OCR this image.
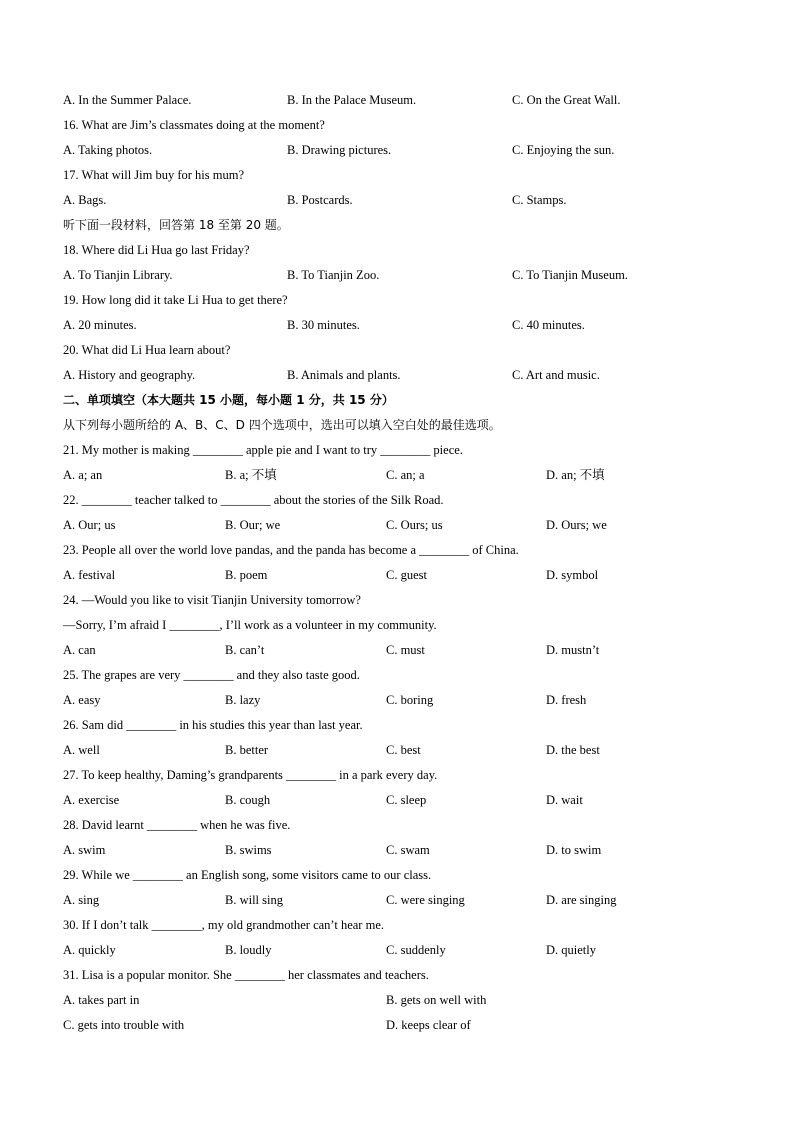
A. In the Summer Palace.	B. In the Palace Museum.	C. On the Great Wall.
16. What are Jim’s classmates doing at the moment?
A. Taking photos.	B. Drawing pictures.	C. Enjoying the sun.
17. What will Jim buy for his mum?
A. Bags.	B. Postcards.	C. Stamps.
听下面一段材料，回答第 18 至第 20 题。
18. Where did Li Hua go last Friday?
A. To Tianjin Library.	B. To Tianjin Zoo.	C. To Tianjin Museum.
19. How long did it take Li Hua to get there?
A. 20 minutes.	B. 30 minutes.	C. 40 minutes.
20. What did Li Hua learn about?
A. History and geography.	B. Animals and plants.	C. Art and music.
二、单项填空（本大题共 15 小题，每小题 1 分，共 15 分）
从下列每小题所给的 A、B、C、D 四个选项中，选出可以填入空白处的最佳选项。
21. My mother is making ________ apple pie and I want to try ________ piece.
A. a; an	B. a; 不填	C. an; a	D. an; 不填
22. ________ teacher talked to ________ about the stories of the Silk Road.
A. Our; us	B. Our; we	C. Ours; us	D. Ours; we
23. People all over the world love pandas, and the panda has become a ________ of China.
A. festival	B. poem	C. guest	D. symbol
24. —Would you like to visit Tianjin University tomorrow?
—Sorry, I’m afraid I ________, I’ll work as a volunteer in my community.
A. can	B. can’t	C. must	D. mustn’t
25. The grapes are very ________ and they also taste good.
A. easy	B. lazy	C. boring	D. fresh
26. Sam did ________ in his studies this year than last year.
A. well	B. better	C. best	D. the best
27. To keep healthy, Daming’s grandparents ________ in a park every day.
A. exercise	B. cough	C. sleep	D. wait
28. David learnt ________ when he was five.
A. swim	B. swims	C. swam	D. to swim
29. While we ________ an English song, some visitors came to our class.
A. sing	B. will sing	C. were singing	D. are singing
30. If I don’t talk ________, my old grandmother can’t hear me.
A. quickly	B. loudly	C. suddenly	D. quietly
31. Lisa is a popular monitor. She ________ her classmates and teachers.
A. takes part in	B. gets on well with
C. gets into trouble with	D. keeps clear of
